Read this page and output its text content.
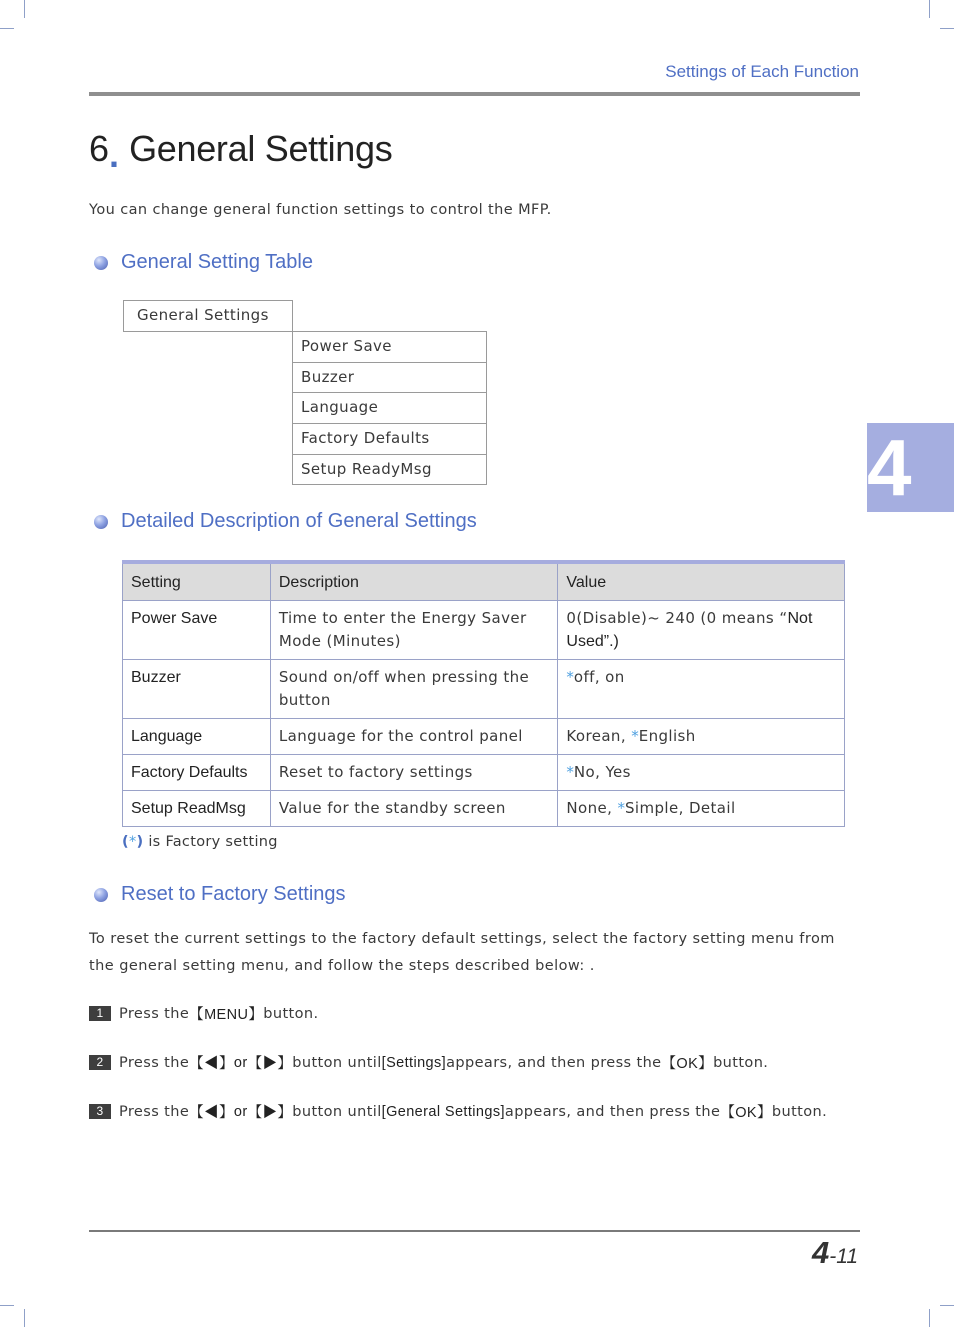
Settings of Each Function
6. General Settings
You can change general function settings to control the MFP.
General Setting Table
General Settings
Power Save
Buzzer
Language
Factory Defaults
Setup ReadyMsg
Detailed Description of General Settings
Setting	Description	Value
Power Save	Time to enter the Energy Saver Mode (Minutes)	0(Disable)~ 240 (0 means “Not Used”.)
Buzzer	Sound on/off when pressing the button	*off, on
Language	Language for the control panel	Korean, *English
Factory Defaults	Reset to factory settings	*No, Yes
Setup ReadMsg	Value for the standby screen	None, *Simple, Detail
(*) is Factory setting
Reset to Factory Settings
To reset the current settings to the factory default settings, select the factory setting menu from the general setting menu, and follow the steps described below: .
1	Press the 【MENU】 button.
2	Press the 【◀】 or 【▶】 button until [Settings] appears, and then press the 【OK】 button.
3	Press the 【◀】 or 【▶】 button until [General Settings] appears, and then press the 【OK】 button.
4-11
4
